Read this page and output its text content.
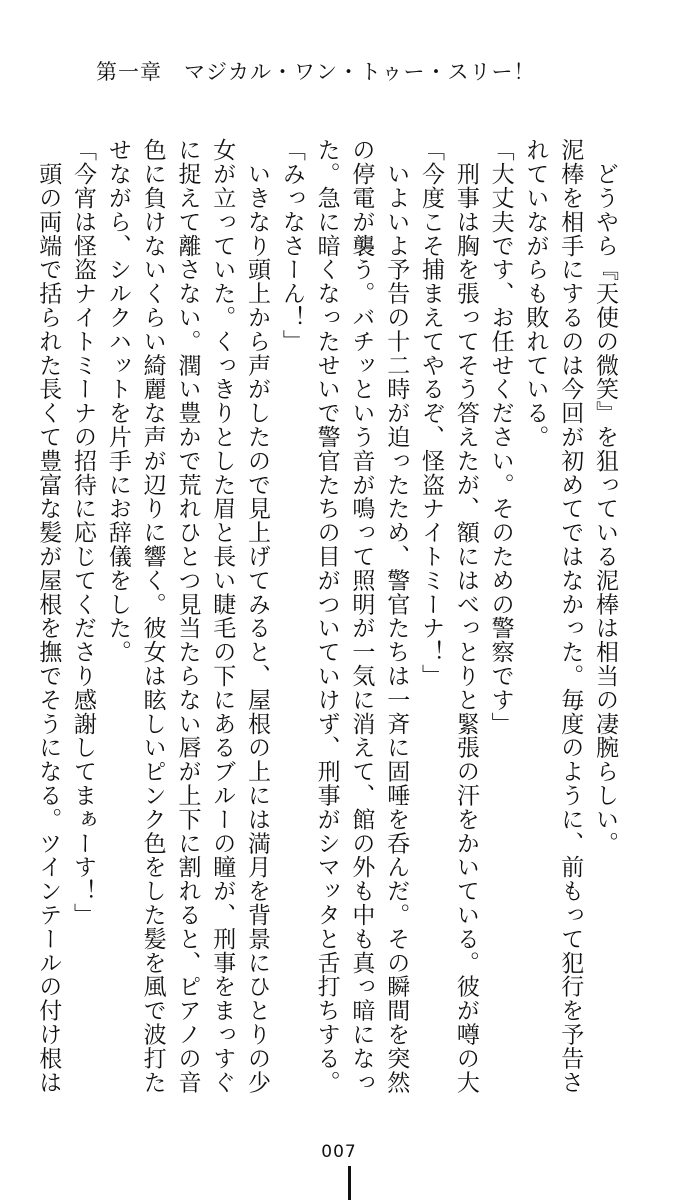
第一章　マジカル・ワン・トゥー・スリー！
　どうやら『天使の微笑』を狙っている泥棒は相当の凄腕らしい。
泥棒を相手にするのは今回が初めてではなかった。毎度のように、前もって犯行を予告さ
れていながらも敗れている。
「大丈夫です、お任せください。そのための警察です」
　刑事は胸を張ってそう答えたが、額にはべっとりと緊張の汗をかいている。彼が噂の大
「今度こそ捕まえてやるぞ、怪盗ナイトミーナ！」
　いよいよ予告の十二時が迫ったため、警官たちは一斉に固唾を呑んだ。その瞬間を突然
の停電が襲う。バチッという音が鳴って照明が一気に消えて、館の外も中も真っ暗になっ
た。急に暗くなったせいで警官たちの目がついていけず、刑事がシマッタと舌打ちする。
「みっなさーん！」
　いきなり頭上から声がしたので見上げてみると、屋根の上には満月を背景にひとりの少
女が立っていた。くっきりとした眉と長い睫毛の下にあるブルーの瞳が、刑事をまっすぐ
に捉えて離さない。潤い豊かで荒れひとつ見当たらない唇が上下に割れると、ピアノの音
色に負けないくらい綺麗な声が辺りに響く。彼女は眩しいピンク色をした髪を風で波打た
せながら、シルクハットを片手にお辞儀をした。
「今宵は怪盗ナイトミーナの招待に応じてくださり感謝してまぁーす！」
　頭の両端で括られた長くて豊富な髪が屋根を撫でそうになる。ツインテールの付け根は
007
